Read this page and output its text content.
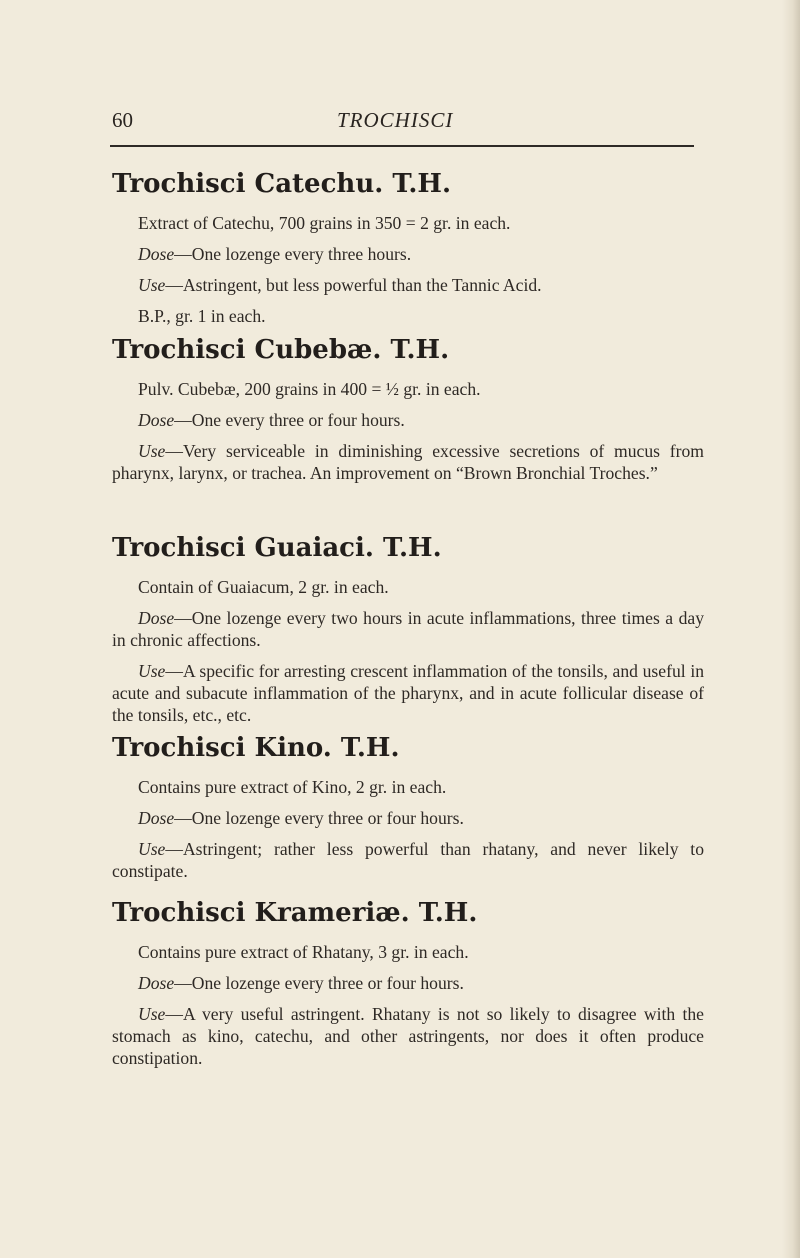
60	TROCHISCI
Trochisci Catechu. T.H.

Extract of Catechu, 700 grains in 350 = 2 gr. in each.

Dose—One lozenge every three hours.

Use—Astringent, but less powerful than the Tannic Acid.

B.P., gr. 1 in each.

Trochisci Cubebæ. T.H.

Pulv. Cubebæ, 200 grains in 400 = ½ gr. in each.

Dose—One every three or four hours.

Use—Very serviceable in diminishing excessive secretions of mucus from pharynx, larynx, or trachea. An improvement on “Brown Bronchial Troches.”

Trochisci Guaiaci. T.H.

Contain of Guaiacum, 2 gr. in each.

Dose—One lozenge every two hours in acute inflammations, three times a day in chronic affections.

Use—A specific for arresting crescent inflammation of the tonsils, and useful in acute and subacute inflammation of the pharynx, and in acute follicular disease of the tonsils, etc., etc.

Trochisci Kino. T.H.

Contains pure extract of Kino, 2 gr. in each.

Dose—One lozenge every three or four hours.

Use—Astringent; rather less powerful than rhatany, and never likely to constipate.

Trochisci Krameriæ. T.H.

Contains pure extract of Rhatany, 3 gr. in each.

Dose—One lozenge every three or four hours.

Use—A very useful astringent. Rhatany is not so likely to disagree with the stomach as kino, catechu, and other astringents, nor does it often produce constipation.
